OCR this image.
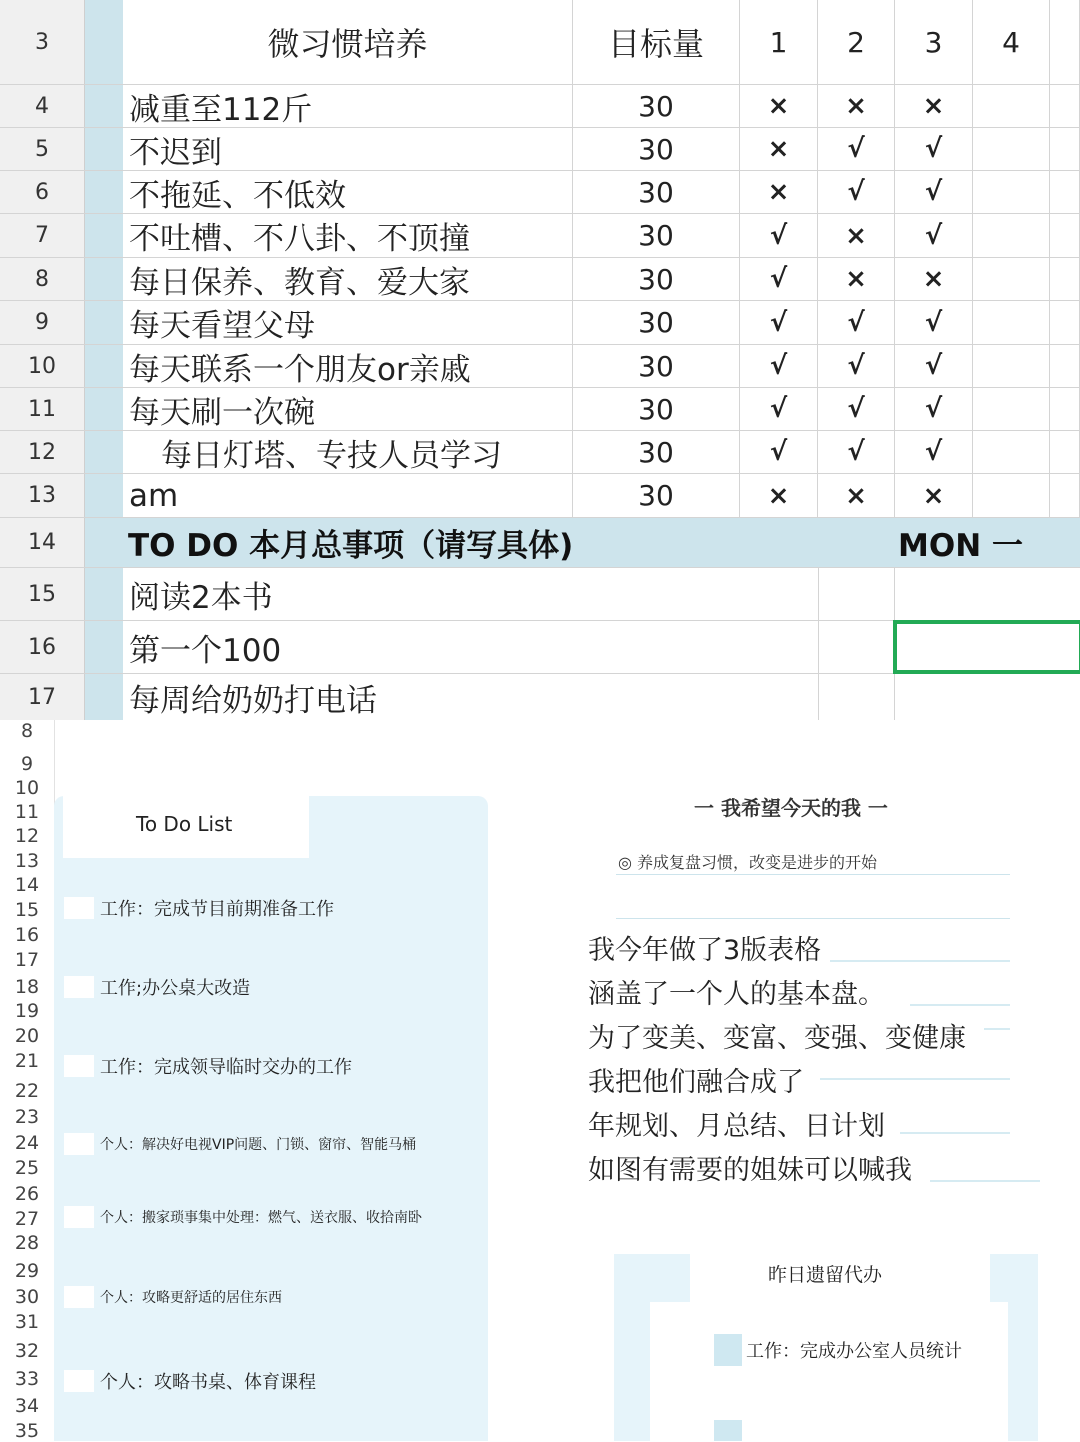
3	微习惯培养	目标量	1	2	3	4
4	减重至112斤	30	×	×	×
5	不迟到	30	×	√	√
6	不拖延、不低效	30	×	√	√
7	不吐槽、不八卦、不顶撞	30	√	×	√
8	每日保养、教育、爱大家	30	√	×	×
9	每天看望父母	30	√	√	√
10	每天联系一个朋友or亲戚	30	√	√	√
11	每天刷一次碗	30	√	√	√
12	每日灯塔、专技人员学习	30	√	√	√
13	am	30	×	×	×
14	TO DO 本月总事项（请写具体)	MON 一
15	阅读2本书
16	第一个100
17	每周给奶奶打电话
8
9
10
11
12
13
14
15
16
17
18
19
20
21
22
23
24
25
26
27
28
29
30
31
32
33
34
35
To Do List
工作：完成节目前期准备工作
工作;办公桌大改造
工作：完成领导临时交办的工作
个人：解决好电视VIP问题、门锁、窗帘、智能马桶
个人：搬家琐事集中处理：燃气、送衣服、收拾南卧
个人：攻略更舒适的居住东西
个人：攻略书桌、体育课程
一 我希望今天的我 一
◎ 养成复盘习惯，改变是进步的开始
我今年做了3版表格
涵盖了一个人的基本盘。
为了变美、变富、变强、变健康
我把他们融合成了
年规划、月总结、日计划
如图有需要的姐妹可以喊我
昨日遗留代办
工作：完成办公室人员统计
